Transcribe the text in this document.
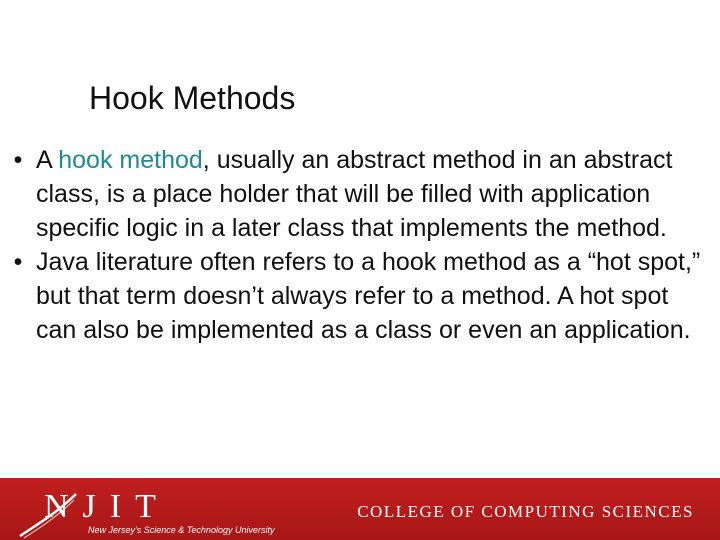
Hook Methods
• A hook method, usually an abstract method in an abstract class, is a place holder that will be filled with application specific logic in a later class that implements the method.
• Java literature often refers to a hook method as a “hot spot,” but that term doesn’t always refer to a method. A hot spot can also be implemented as a class or even an application.
NJIT
New Jersey's Science & Technology University
COLLEGE OF COMPUTING SCIENCES
